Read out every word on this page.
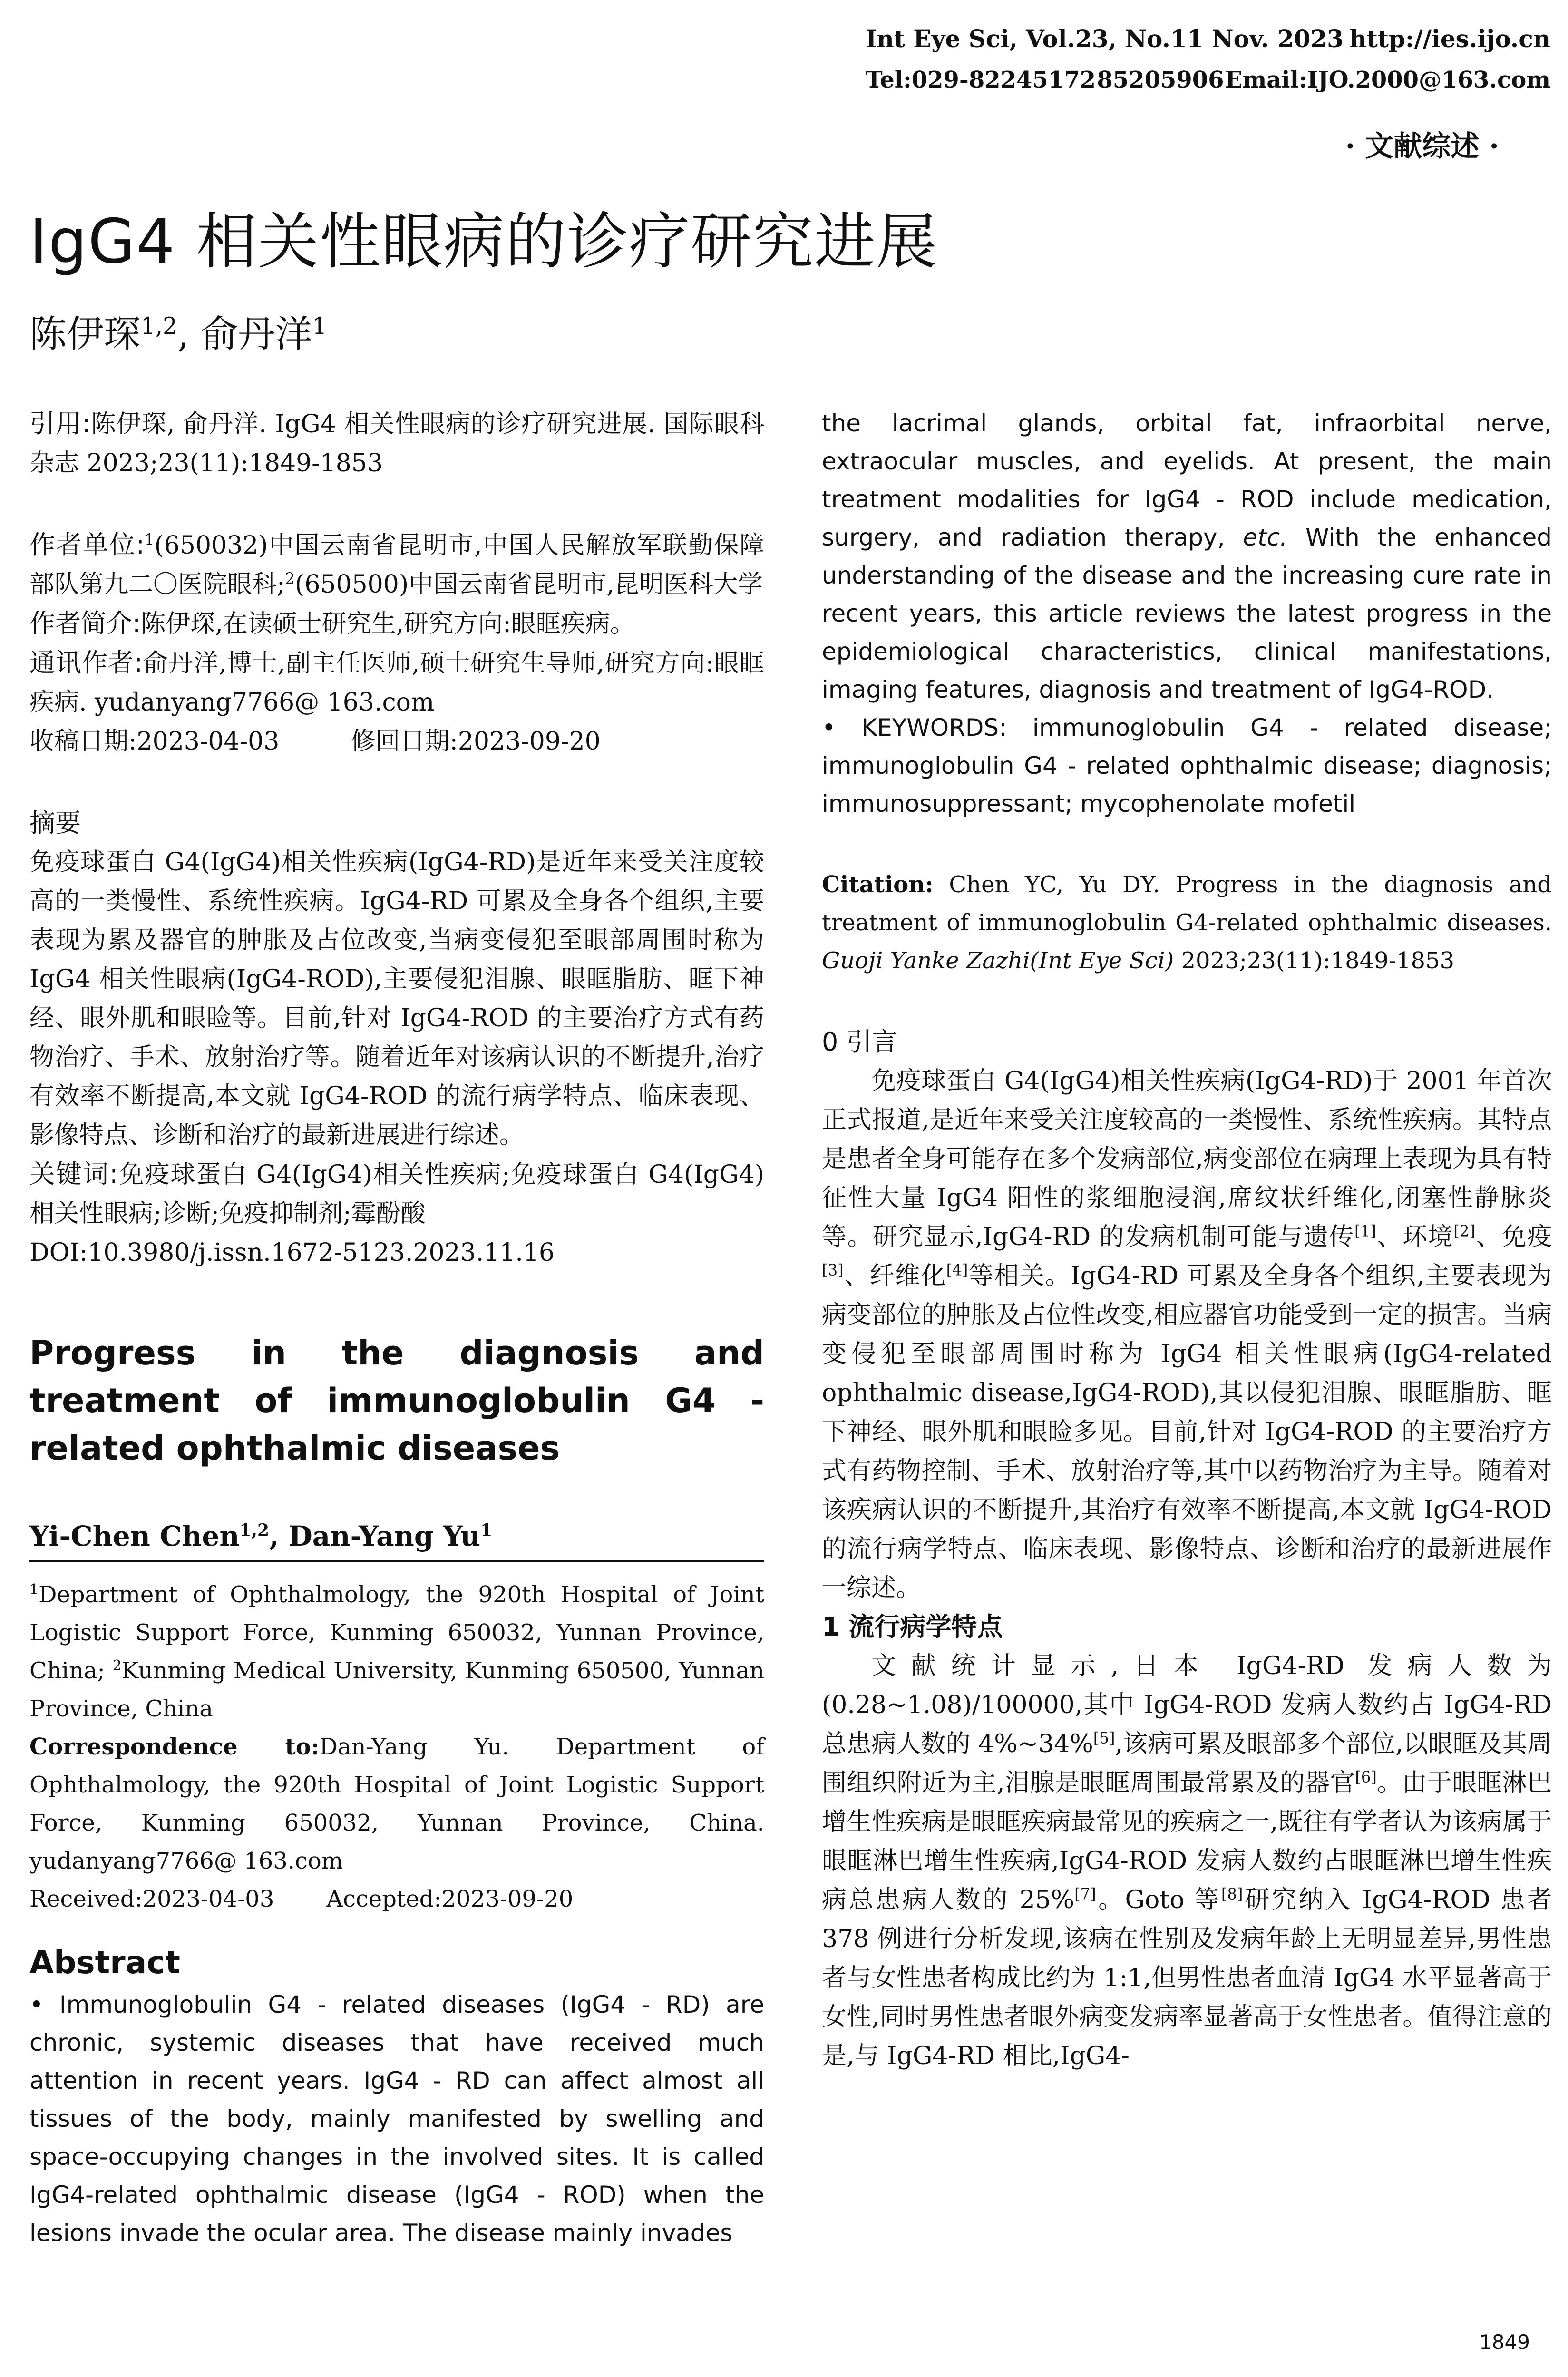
Int Eye Sci, Vol.23, No.11 Nov. 2023 http://ies.ijo.cn
Tel:029-82245172 85205906 Email:IJO.2000@163.com
· 文献综述 ·
IgG4 相关性眼病的诊疗研究进展
陈伊琛$^{1,2}$, 俞丹洋$^1$

引用:陈伊琛, 俞丹洋. IgG4 相关性眼病的诊疗研究进展. 国际眼科杂志 2023;23(11):1849-1853

作者单位:$^1$(650032)中国云南省昆明市,中国人民解放军联勤保障部队第九二〇医院眼科;$^2$(650500)中国云南省昆明市,昆明医科大学

作者简介:陈伊琛,在读硕士研究生,研究方向:眼眶疾病。

通讯作者:俞丹洋,博士,副主任医师,硕士研究生导师,研究方向:眼眶疾病. yudanyang7766@ 163.com

收稿日期:2023-04-03	修回日期:2023-09-20

摘要

免疫球蛋白 G4(IgG4)相关性疾病(IgG4-RD)是近年来受关注度较高的一类慢性、系统性疾病。IgG4-RD 可累及全身各个组织,主要表现为累及器官的肿胀及占位改变,当病变侵犯至眼部周围时称为 IgG4 相关性眼病(IgG4-ROD),主要侵犯泪腺、眼眶脂肪、眶下神经、眼外肌和眼睑等。目前,针对 IgG4-ROD 的主要治疗方式有药物治疗、手术、放射治疗等。随着近年对该病认识的不断提升,治疗有效率不断提高,本文就 IgG4-ROD 的流行病学特点、临床表现、影像特点、诊断和治疗的最新进展进行综述。

关键词:免疫球蛋白 G4(IgG4)相关性疾病;免疫球蛋白 G4(IgG4)相关性眼病;诊断;免疫抑制剂;霉酚酸

DOI:10.3980/j.issn.1672-5123.2023.11.16

Progress in the diagnosis and treatment of immunoglobulin G4 - related ophthalmic diseases

Yi-Chen Chen$^{1,2}$, Dan-Yang Yu$^1$

$^1$Department of Ophthalmology, the 920th Hospital of Joint Logistic Support Force, Kunming 650032, Yunnan Province, China; $^2$Kunming Medical University, Kunming 650500, Yunnan Province, China

Correspondence to:Dan-Yang Yu. Department of Ophthalmology, the 920th Hospital of Joint Logistic Support Force, Kunming 650032, Yunnan Province, China. yudanyang7766@ 163.com

Received:2023-04-03 Accepted:2023-09-20

Abstract

• Immunoglobulin G4 - related diseases (IgG4 - RD) are chronic, systemic diseases that have received much attention in recent years. IgG4 - RD can affect almost all tissues of the body, mainly manifested by swelling and space-occupying changes in the involved sites. It is called IgG4-related ophthalmic disease (IgG4 - ROD) when the lesions invade the ocular area. The disease mainly invades

the lacrimal glands, orbital fat, infraorbital nerve, extraocular muscles, and eyelids. At present, the main treatment modalities for IgG4 - ROD include medication, surgery, and radiation therapy, etc. With the enhanced understanding of the disease and the increasing cure rate in recent years, this article reviews the latest progress in the epidemiological characteristics, clinical manifestations, imaging features, diagnosis and treatment of IgG4-ROD.

• KEYWORDS: immunoglobulin G4 - related disease; immunoglobulin G4 - related ophthalmic disease; diagnosis; immunosuppressant; mycophenolate mofetil

Citation: Chen YC, Yu DY. Progress in the diagnosis and treatment of immunoglobulin G4-related ophthalmic diseases. Guoji Yanke Zazhi(Int Eye Sci) 2023;23(11):1849-1853

0 引言

免疫球蛋白 G4(IgG4)相关性疾病(IgG4-RD)于 2001 年首次正式报道,是近年来受关注度较高的一类慢性、系统性疾病。其特点是患者全身可能存在多个发病部位,病变部位在病理上表现为具有特征性大量 IgG4 阳性的浆细胞浸润,席纹状纤维化,闭塞性静脉炎等。研究显示,IgG4-RD 的发病机制可能与遗传[1]、环境[2]、免疫[3]、纤维化[4]等相关。IgG4-RD 可累及全身各个组织,主要表现为病变部位的肿胀及占位性改变,相应器官功能受到一定的损害。当病变侵犯至眼部周围时称为 IgG4 相关性眼病(IgG4-related ophthalmic disease,IgG4-ROD),其以侵犯泪腺、眼眶脂肪、眶下神经、眼外肌和眼睑多见。目前,针对 IgG4-ROD 的主要治疗方式有药物控制、手术、放射治疗等,其中以药物治疗为主导。随着对该疾病认识的不断提升,其治疗有效率不断提高,本文就 IgG4-ROD 的流行病学特点、临床表现、影像特点、诊断和治疗的最新进展作一综述。

1 流行病学特点

文献统计显示,日本 IgG4-RD 发病人数为(0.28~1.08)/100000,其中 IgG4-ROD 发病人数约占 IgG4-RD 总患病人数的 4%~34%[5],该病可累及眼部多个部位,以眼眶及其周围组织附近为主,泪腺是眼眶周围最常累及的器官[6]。由于眼眶淋巴增生性疾病是眼眶疾病最常见的疾病之一,既往有学者认为该病属于眼眶淋巴增生性疾病,IgG4-ROD 发病人数约占眼眶淋巴增生性疾病总患病人数的 25%[7]。Goto 等[8]研究纳入 IgG4-ROD 患者 378 例进行分析发现,该病在性别及发病年龄上无明显差异,男性患者与女性患者构成比约为 1:1,但男性患者血清 IgG4 水平显著高于女性,同时男性患者眼外病变发病率显著高于女性患者。值得注意的是,与 IgG4-RD 相比,IgG4-

1849
